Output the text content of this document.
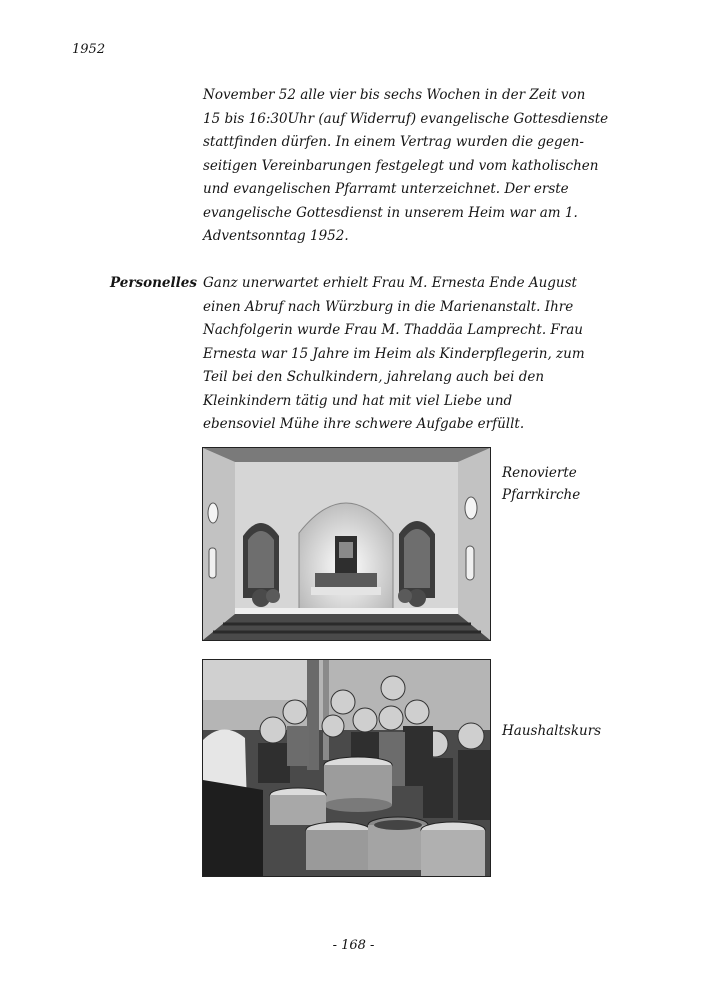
1952
November 52 alle vier bis sechs Wochen in der Zeit von
15 bis 16:30Uhr (auf Widerruf) evangelische Gottesdienste
stattfinden dürfen. In einem Vertrag wurden die gegen-
seitigen Vereinbarungen festgelegt und vom katholischen
und evangelischen Pfarramt unterzeichnet. Der erste
evangelische Gottesdienst in unserem Heim war am 1.
Adventsonntag 1952.
Personelles Ganz unerwartet erhielt Frau M. Ernesta Ende August
einen Abruf nach Würzburg in die Marienanstalt. Ihre
Nachfolgerin wurde Frau M. Thaddäa Lamprecht. Frau
Ernesta war 15 Jahre im Heim als Kinderpflegerin, zum
Teil bei den Schulkindern, jahrelang auch bei den
Kleinkindern tätig und hat mit viel Liebe und
ebensoviel Mühe ihre schwere Aufgabe erfüllt.
Renovierte
Pfarrkirche
Haushaltskurs
- 168 -
